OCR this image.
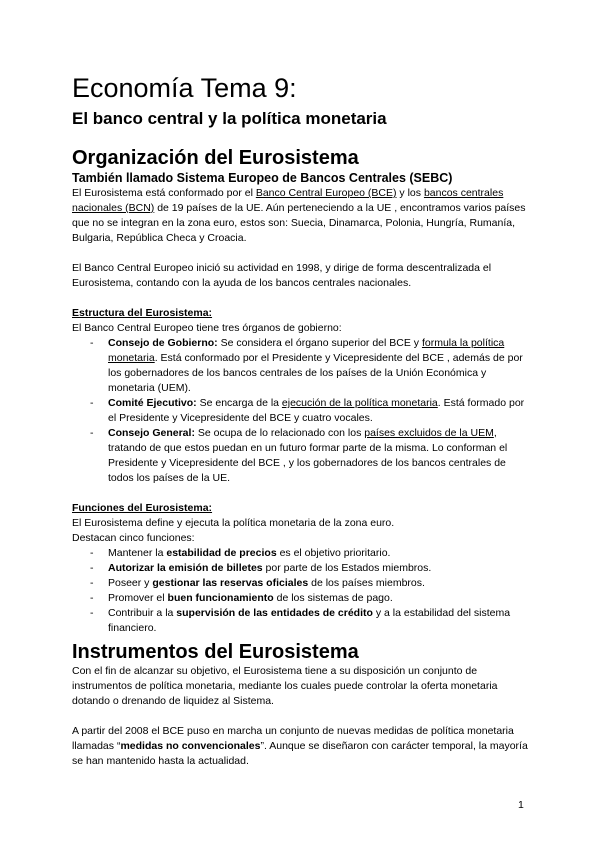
Economía Tema 9:
El banco central y la política monetaria
Organización del Eurosistema
También llamado Sistema Europeo de Bancos Centrales (SEBC)

El Eurosistema está conformado por el Banco Central Europeo (BCE) y los bancos centrales nacionales (BCN) de 19 países de la UE. Aún perteneciendo a la UE , encontramos varios países que no se integran en la zona euro, estos son: Suecia, Dinamarca, Polonia, Hungría, Rumanía, Bulgaria, República Checa y Croacia.

El Banco Central Europeo inició su actividad en 1998, y dirige de forma descentralizada el Eurosistema, contando con la ayuda de los bancos centrales nacionales.

Estructura del Eurosistema:

El Banco Central Europeo tiene tres órganos de gobierno:

- Consejo de Gobierno: Se considera el órgano superior del BCE y formula la política monetaria. Está conformado por el Presidente y Vicepresidente del BCE , además de por los gobernadores de los bancos centrales de los países de la Unión Económica y monetaria (UEM).
- Comité Ejecutivo: Se encarga de la ejecución de la política monetaria. Está formado por el Presidente y Vicepresidente del BCE y cuatro vocales.
- Consejo General: Se ocupa de lo relacionado con los países excluidos de la UEM, tratando de que estos puedan en un futuro formar parte de la misma. Lo conforman el Presidente y Vicepresidente del BCE , y los gobernadores de los bancos centrales de todos los países de la UE.

Funciones del Eurosistema:

El Eurosistema define y ejecuta la política monetaria de la zona euro.

Destacan cinco funciones:

- Mantener la estabilidad de precios es el objetivo prioritario.
- Autorizar la emisión de billetes por parte de los Estados miembros.
- Poseer y gestionar las reservas oficiales de los países miembros.
- Promover el buen funcionamiento de los sistemas de pago.
- Contribuir a la supervisión de las entidades de crédito y a la estabilidad del sistema financiero.
Instrumentos del Eurosistema

Con el fin de alcanzar su objetivo, el Eurosistema tiene a su disposición un conjunto de instrumentos de política monetaria, mediante los cuales puede controlar la oferta monetaria dotando o drenando de liquidez al Sistema.

A partir del 2008 el BCE puso en marcha un conjunto de nuevas medidas de política monetaria llamadas “medidas no convencionales”. Aunque se diseñaron con carácter temporal, la mayoría se han mantenido hasta la actualidad.

1
